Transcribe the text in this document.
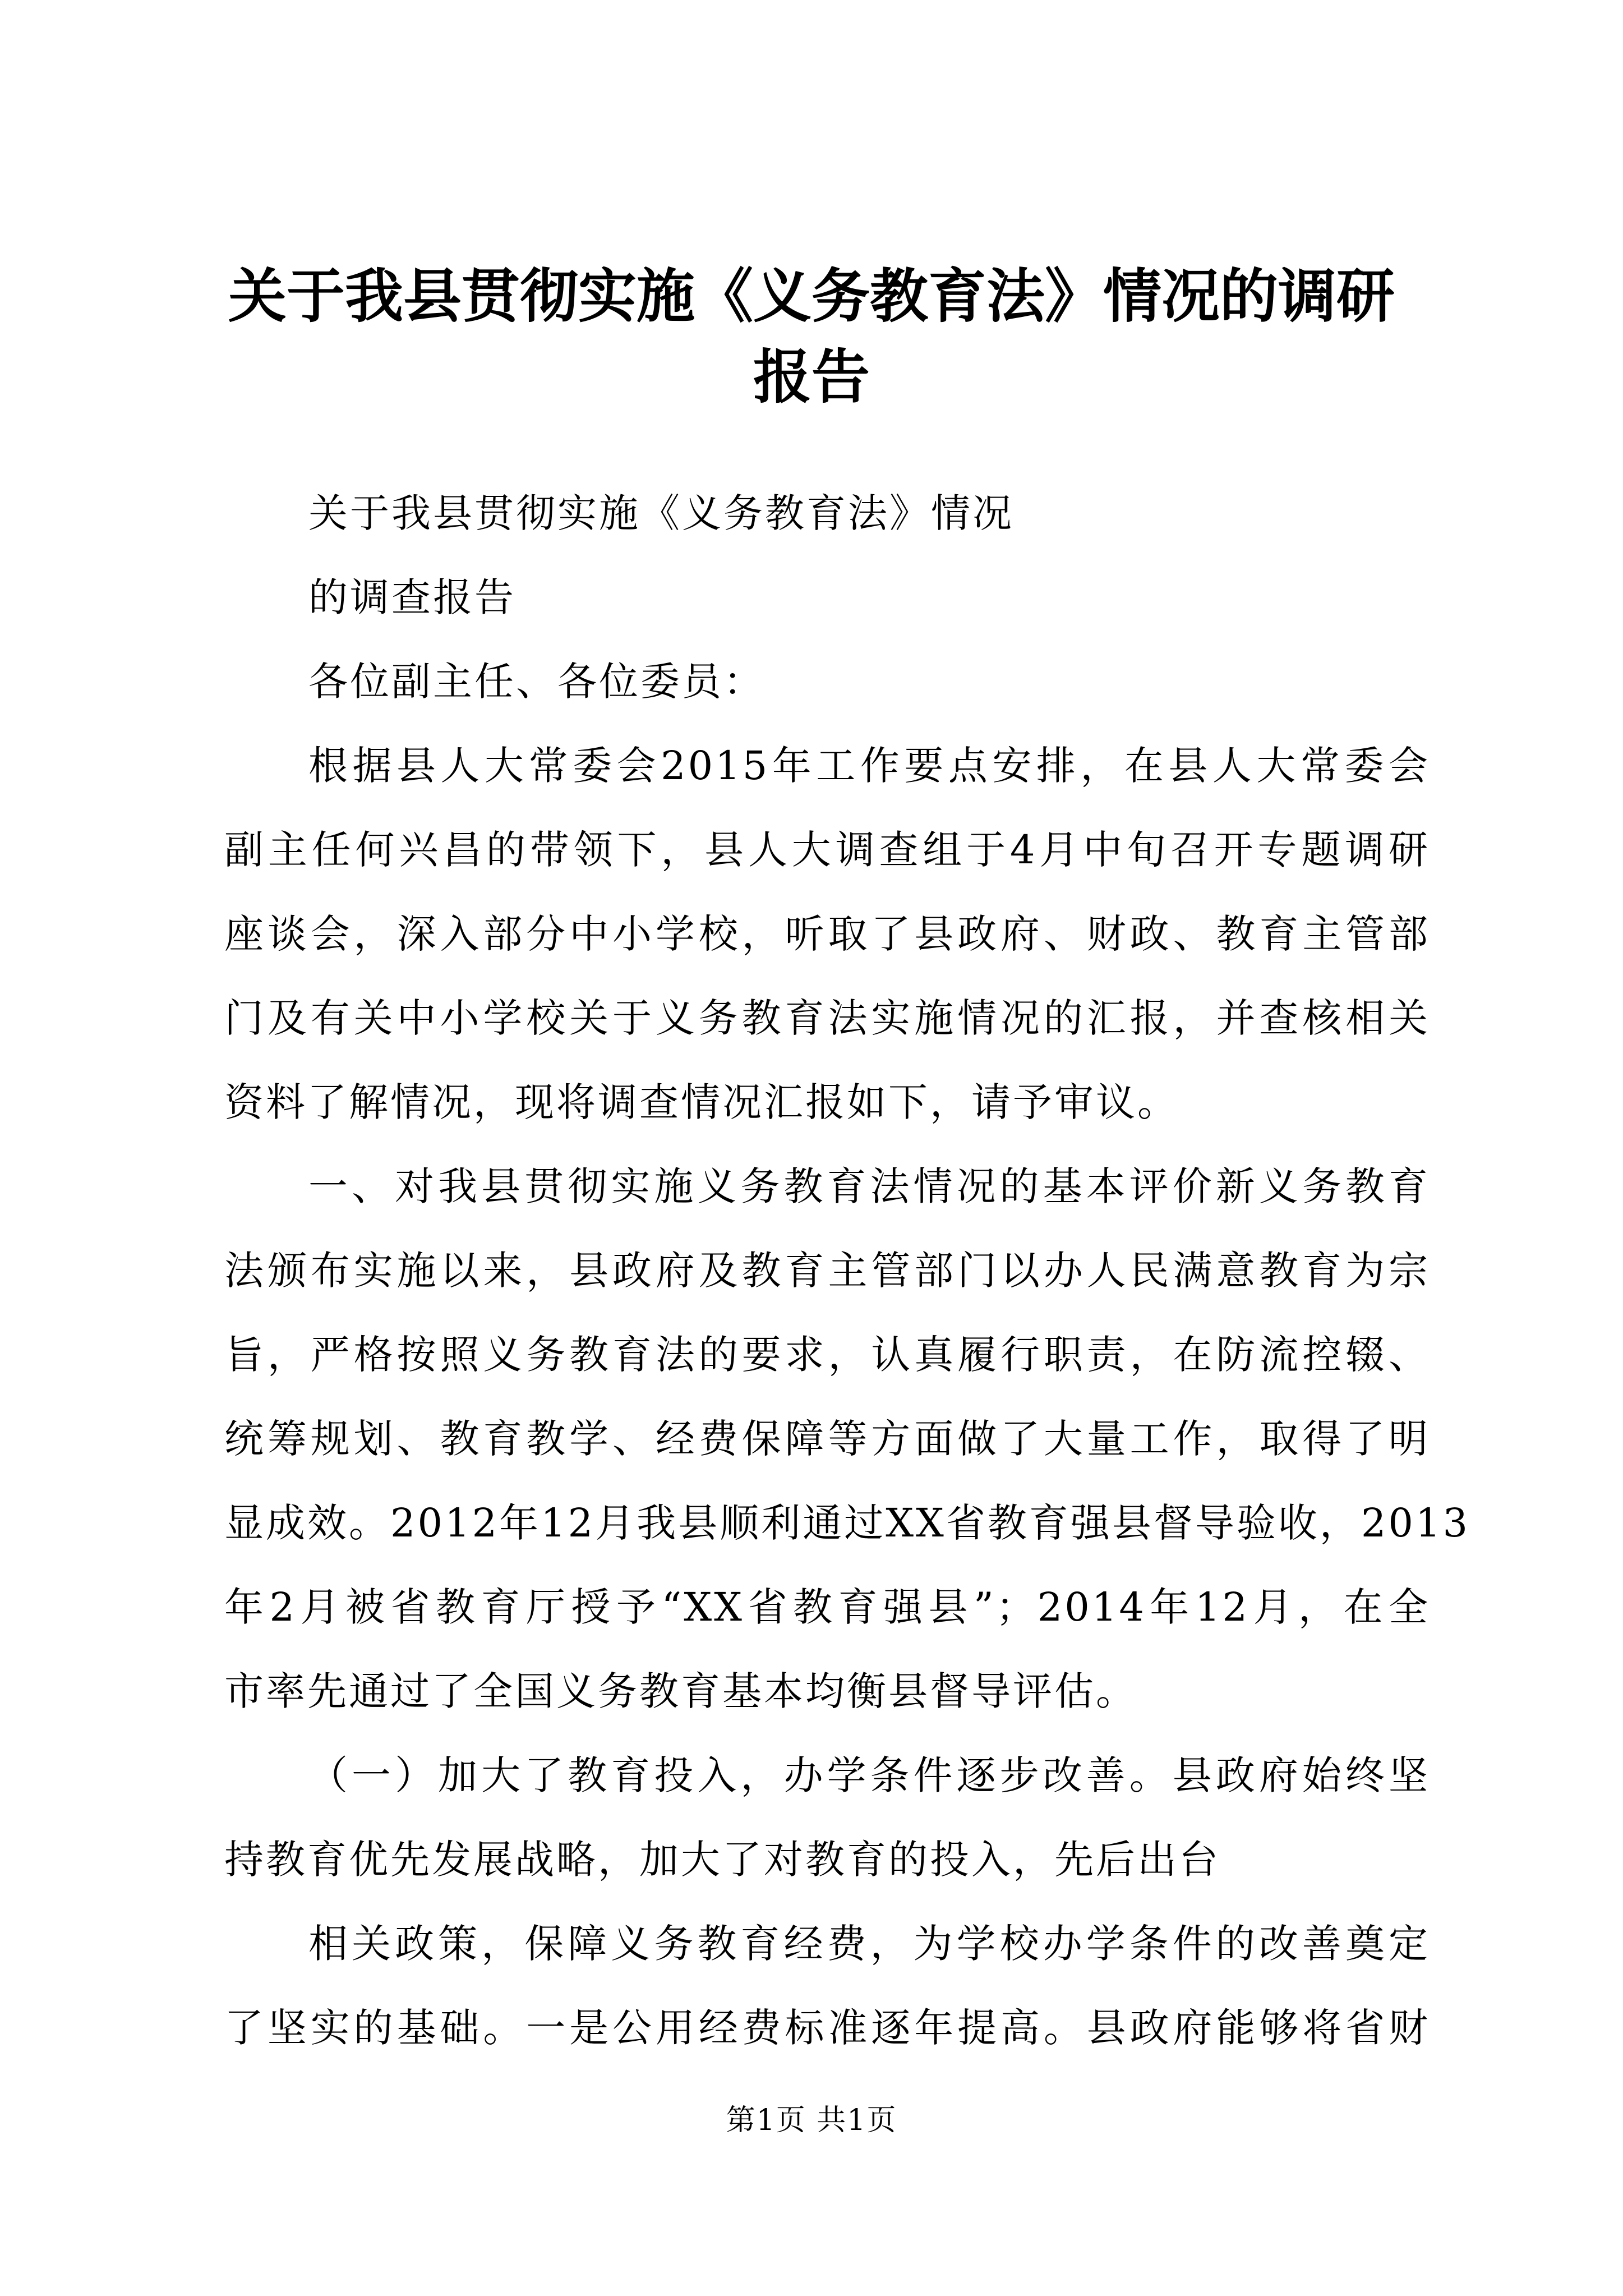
关于我县贯彻实施《义务教育法》情况的调研
报告
关于我县贯彻实施《义务教育法》情况
的调查报告
各位副主任、各位委员：
根据县人大常委会2015年工作要点安排，在县人大常委会
副主任何兴昌的带领下，县人大调查组于4月中旬召开专题调研
座谈会，深入部分中小学校，听取了县政府、财政、教育主管部
门及有关中小学校关于义务教育法实施情况的汇报，并查核相关
资料了解情况，现将调查情况汇报如下，请予审议。
一、对我县贯彻实施义务教育法情况的基本评价新义务教育
法颁布实施以来，县政府及教育主管部门以办人民满意教育为宗
旨，严格按照义务教育法的要求，认真履行职责，在防流控辍、
统筹规划、教育教学、经费保障等方面做了大量工作，取得了明
显成效。2012年12月我县顺利通过XX省教育强县督导验收，2013
年2月被省教育厅授予“XX省教育强县”；2014年12月，在全
市率先通过了全国义务教育基本均衡县督导评估。
（一）加大了教育投入，办学条件逐步改善。县政府始终坚
持教育优先发展战略，加大了对教育的投入，先后出台
相关政策，保障义务教育经费，为学校办学条件的改善奠定
了坚实的基础。一是公用经费标准逐年提高。县政府能够将省财
第1页 共1页
